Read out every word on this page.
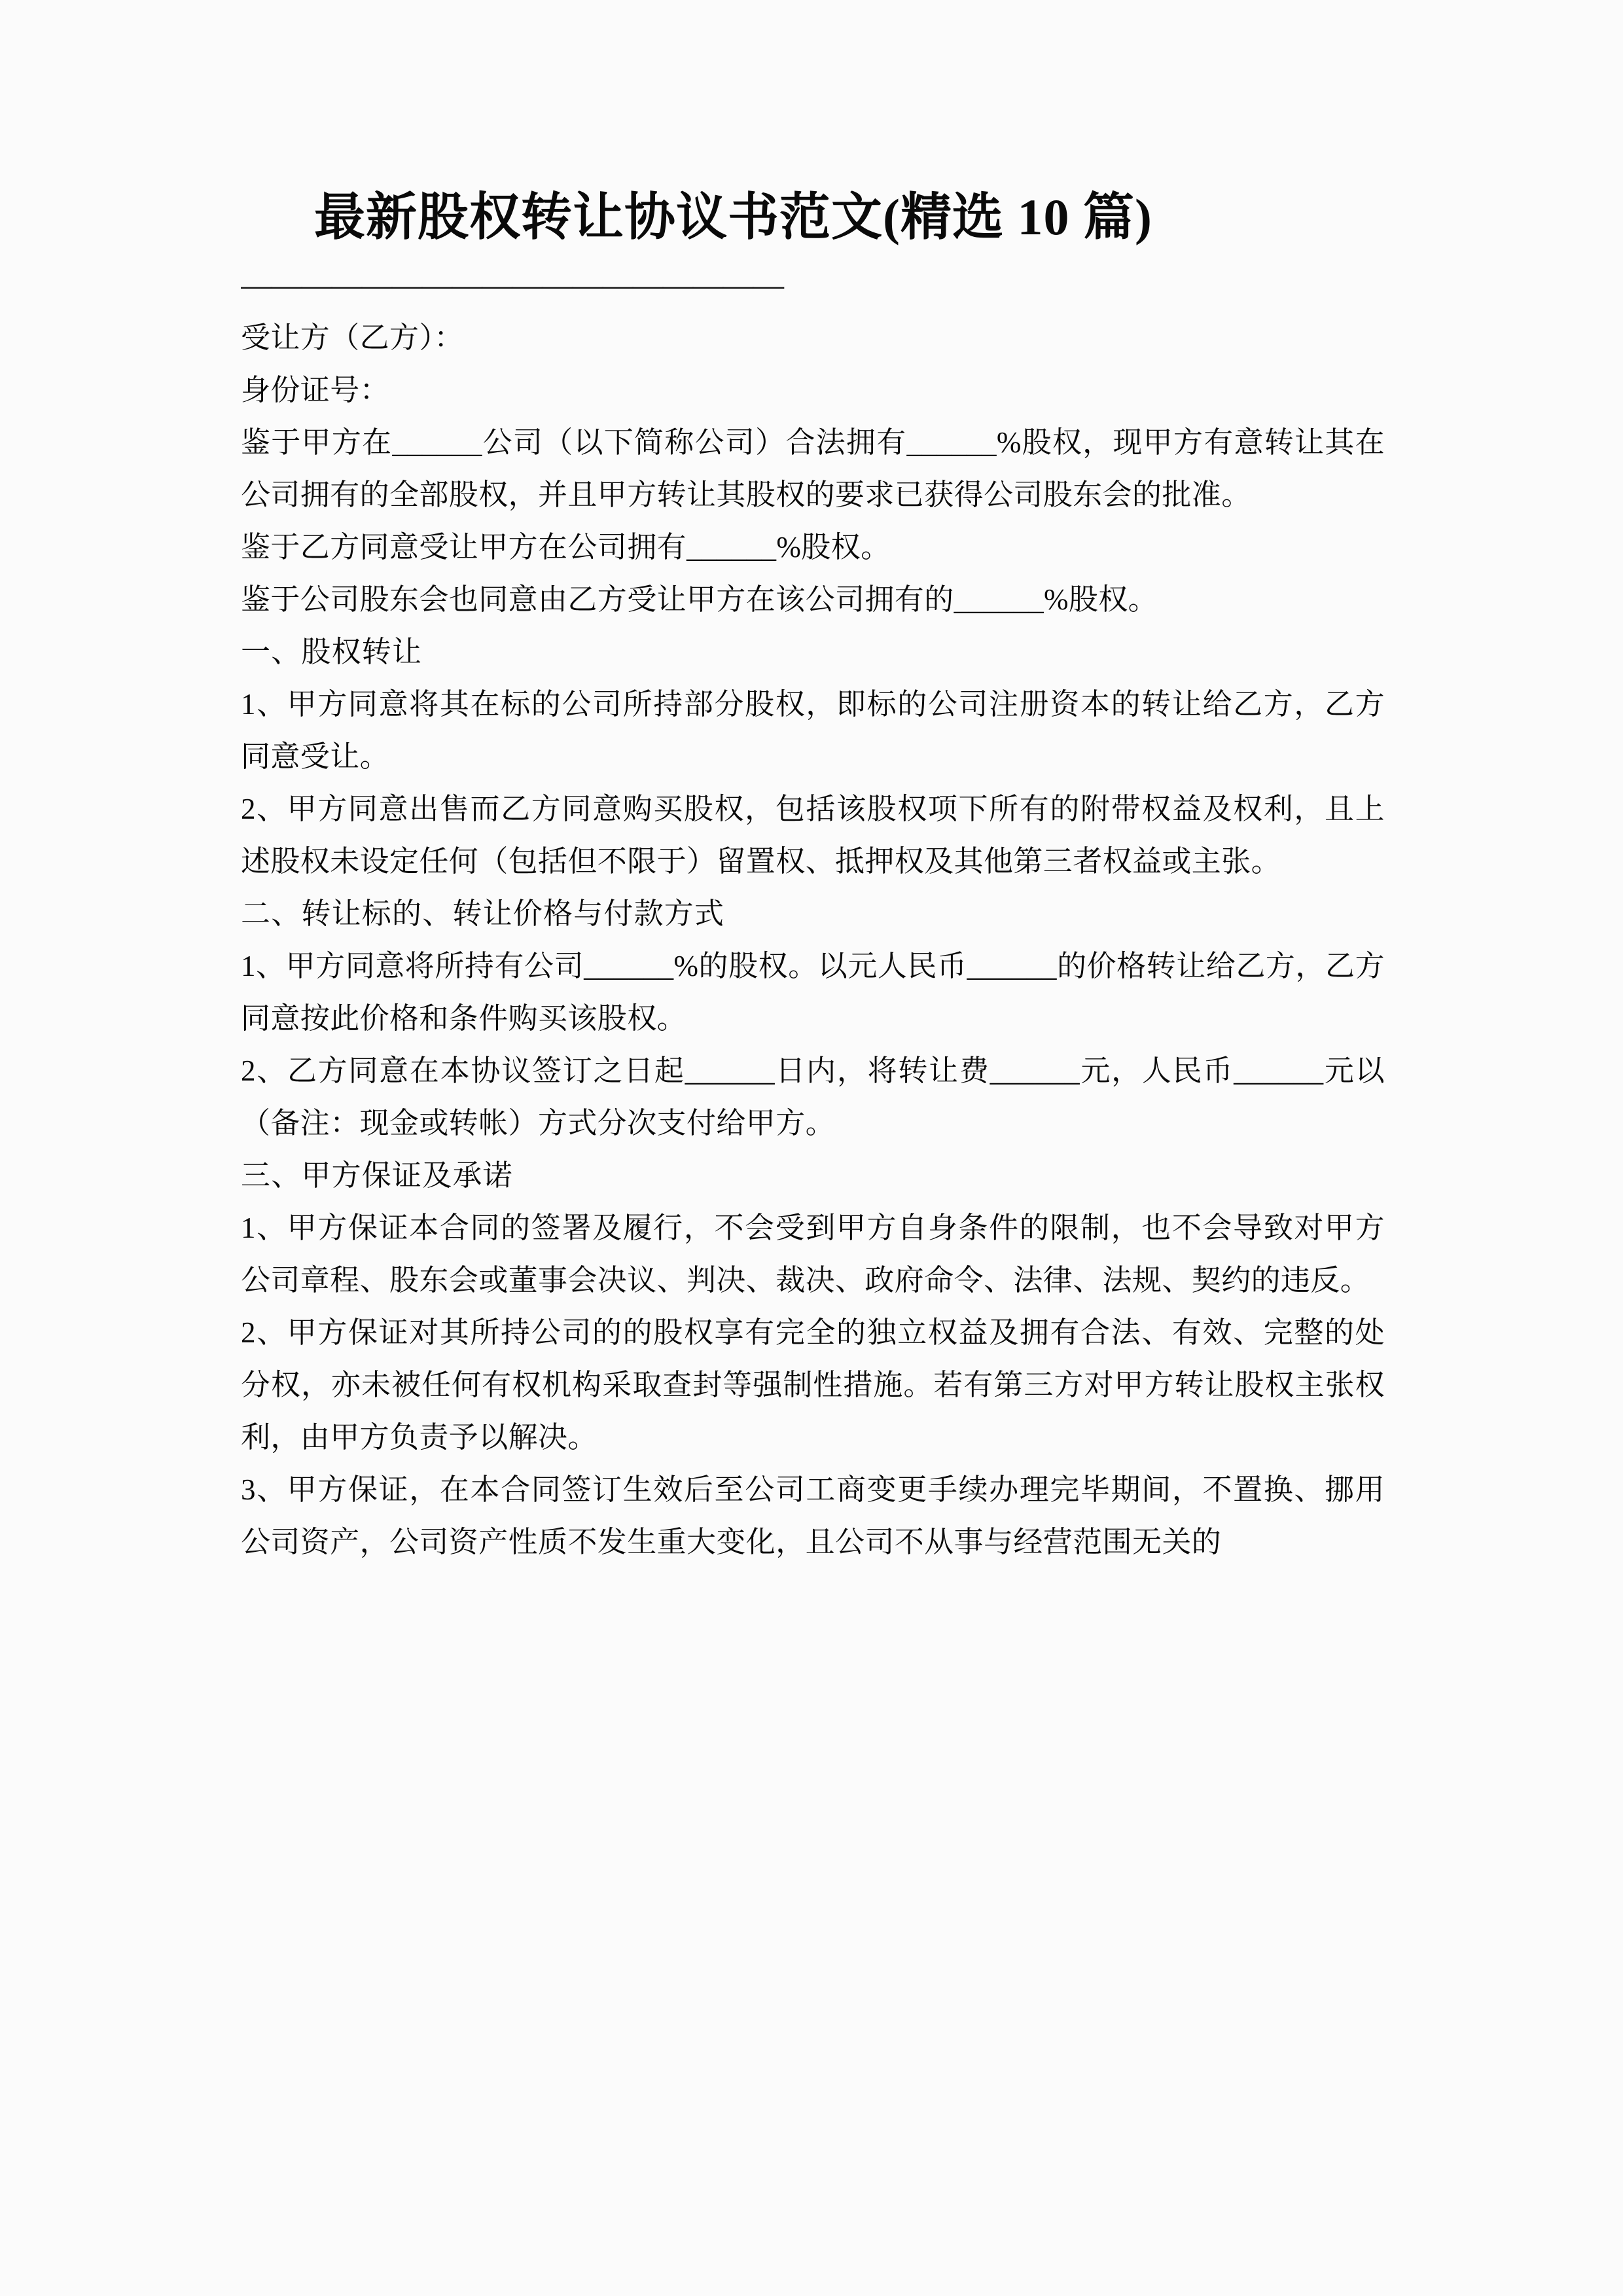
最新股权转让协议书范文(精选 10 篇)
——————————————————

受让方（乙方）：

身份证号：

鉴于甲方在______公司（以下简称公司）合法拥有______%股权，现甲方有意转让其在公司拥有的全部股权，并且甲方转让其股权的要求已获得公司股东会的批准。

鉴于乙方同意受让甲方在公司拥有______%股权。

鉴于公司股东会也同意由乙方受让甲方在该公司拥有的______%股权。

一、股权转让

1、甲方同意将其在标的公司所持部分股权，即标的公司注册资本的转让给乙方，乙方同意受让。

2、甲方同意出售而乙方同意购买股权，包括该股权项下所有的附带权益及权利，且上述股权未设定任何（包括但不限于）留置权、抵押权及其他第三者权益或主张。

二、转让标的、转让价格与付款方式

1、甲方同意将所持有公司______%的股权。以元人民币______的价格转让给乙方，乙方同意按此价格和条件购买该股权。

2、乙方同意在本协议签订之日起______日内，将转让费______元，人民币______元以（备注：现金或转帐）方式分次支付给甲方。

三、甲方保证及承诺

1、甲方保证本合同的签署及履行，不会受到甲方自身条件的限制，也不会导致对甲方公司章程、股东会或董事会决议、判决、裁决、政府命令、法律、法规、契约的违反。

2、甲方保证对其所持公司的的股权享有完全的独立权益及拥有合法、有效、完整的处分权，亦未被任何有权机构采取查封等强制性措施。若有第三方对甲方转让股权主张权利，由甲方负责予以解决。

3、甲方保证，在本合同签订生效后至公司工商变更手续办理完毕期间，不置换、挪用公司资产，公司资产性质不发生重大变化，且公司不从事与经营范围无关的
